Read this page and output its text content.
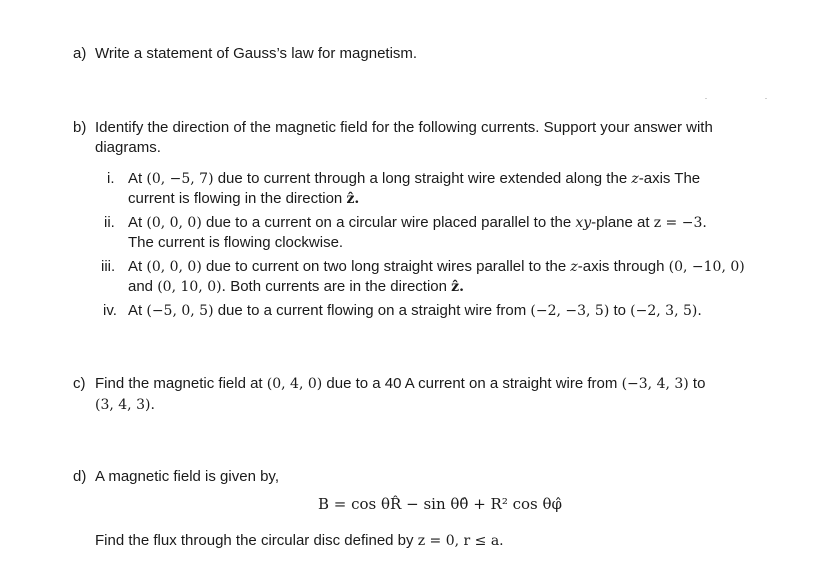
a) Write a statement of Gauss’s law for magnetism.
b) Identify the direction of the magnetic field for the following currents. Support your answer with
diagrams.
i. At (0, −5, 7) due to current through a long straight wire extended along the z-axis The
current is flowing in the direction ẑ.
ii. At (0, 0, 0) due to a current on a circular wire placed parallel to the xy-plane at z = −3.
The current is flowing clockwise.
iii. At (0, 0, 0) due to current on two long straight wires parallel to the z-axis through (0, −10, 0)
and (0, 10, 0). Both currents are in the direction ẑ.
iv. At (−5, 0, 5) due to a current flowing on a straight wire from (−2, −3, 5) to (−2, 3, 5).
c) Find the magnetic field at (0, 4, 0) due to a 40 A current on a straight wire from (−3, 4, 3) to
(3, 4, 3).
d) A magnetic field is given by,
B = cos θR̂ − sin θθ̂ + R² cos θφ̂
Find the flux through the circular disc defined by z = 0, r ≤ a.
